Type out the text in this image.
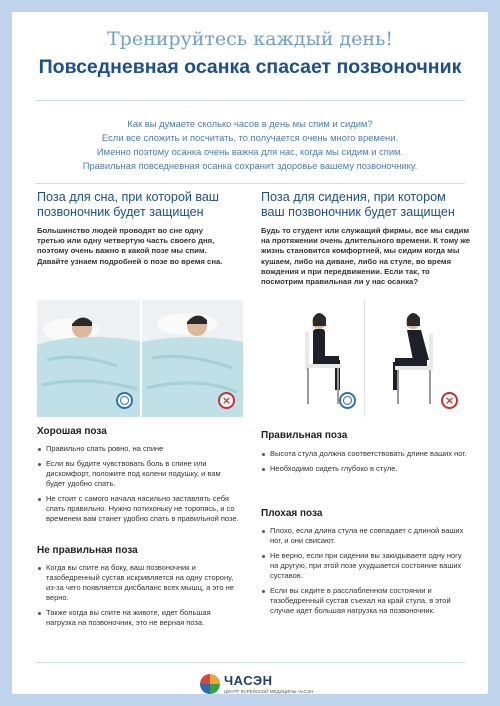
Тренируйтесь каждый день!
Повседневная осанка спасает позвоночник
Как вы думаете сколько часов в день мы спим и сидим?
Если все сложить и посчитать, то получается очень много времени.
Именно поэтому осанка очень важна для нас, когда мы сидим и спим.
Правильная повседневная осанка сохранит здоровье вашему позвоночнику.
Поза для сна, при которой ваш позвоночник будет защищен
Большинство людей проводят во сне одну третью или одну четвертую часть своего дня, поэтому очень важно в какой позе мы спим. Давайте узнаем подробней о позе во время сна.
×
Хорошая поза
Правильно спать ровно, на спине
Если вы будите чувствовать боль в спине или дискомфорт, положите под колени подушку, и вам будет удобно спать.
Не стоит с самого начала насильно заставлять себя спать правильно. Нужно потихоньку не торопясь, и со временем вам станет удобно спать в правильной позе.
Не правильная поза
Когда вы спите на боку, ваш позвоночник и тазобедренный сустав искривляется на одну сторону, из-за чего появляется дисбаланс всех мышц, а это не верно.
Также когда вы спите на животе, идет большая нагрузка на позвоночник, это не верная поза.
Поза для сидения, при котором ваш позвоночник будет защищен
Будь то студент или служащий фирмы, все мы сидим на протяжении очень длительного времени. К тому же жизнь становится комфортней, мы сидим когда мы кушаем, либо на диване, либо на стуле, во время вождения и при передвижении. Если так, то посмотрим правильная ли у нас осанка?
×
Правильная поза
Высота стула должна соответствовать длине ваших ног.
Необходимо сидеть глубоко в стуле.
Плохая поза
Плохо, если длина стула не совпадает с длиной ваших ног, и они свисают.
Не верно, если при сидении вы закидываете одну ногу на другую, при этой позе ухудшается состояние ваших суставов.
Если вы сидите в расслабленном состоянии и тазобедренный сустав съехал на край стула, в этой случае идет большая нагрузка на позвоночник.
ЧАСЭН
ЦЕНТР КОРЕЙСКОЙ МЕДИЦИНЫ ЧАСЭН
